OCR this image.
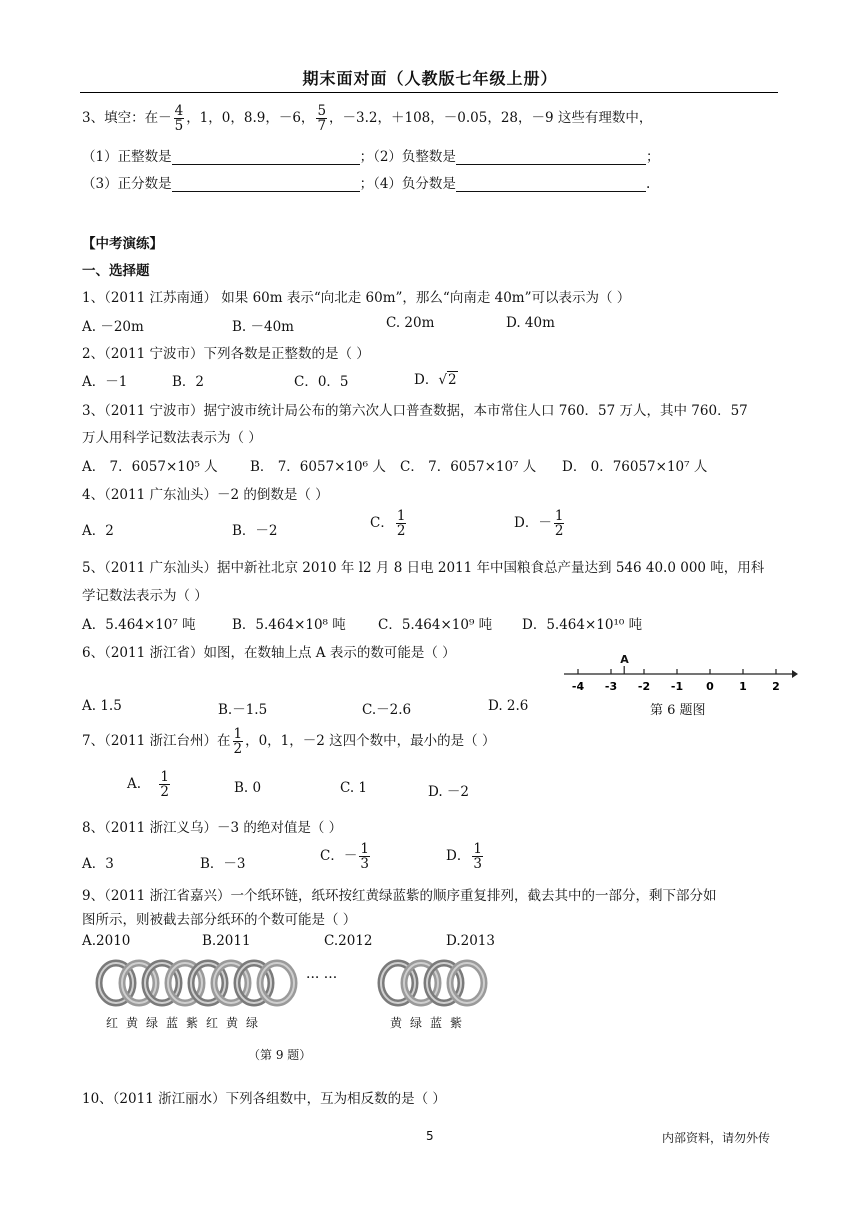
期末面对面（人教版七年级上册）
3、填空：在－ $\frac{4}{5}$ ，1，0，8.9，－6， $\frac{5}{7}$ ，－3.2，＋108，－0.05，28，－9 这些有理数中，
（1）正整数是	；（2）负整数是	；
（3）正分数是	；（4）负分数是	.
【中考演练】
一、选择题
1、（2011 江苏南通） 如果 60m 表示“向北走 60m”，那么“向南走 40m”可以表示为（ ）
A. －20m	B. －40m	C. 20m	D. 40m
2、（2011 宁波市）下列各数是正整数的是（ ）
A．－1	B．2	C．0．5	D．√2
3、（2011 宁波市）据宁波市统计局公布的第六次人口普查数据，本市常住人口 760．57 万人，其中 760．57
万人用科学记数法表示为（ ）
A． 7．6057×10⁵ 人 B． 7．6057×10⁶ 人 C． 7．6057×10⁷ 人 D． 0．76057×10⁷ 人
4、（2011 广东汕头）－2 的倒数是（ ）
A．2	B．－2	C． $\frac{1}{2}$	D．－ $\frac{1}{2}$
5、（2011 广东汕头）据中新社北京 2010 年 l2 月 8 日电 2011 年中国粮食总产量达到 546 40.0 000 吨，用科
学记数法表示为（ ）
A．5.464×10⁷ 吨	B．5.464×10⁸ 吨 C．5.464×10⁹ 吨 D．5.464×10¹⁰ 吨
6、（2011 浙江省）如图，在数轴上点 A 表示的数可能是（ ）
A. 1.5	B.－1.5	C.－2.6	D. 2.6
-4 -3 -2 -1 0 1 2
A
第 6 题图
7、（2011 浙江台州）在 $\frac{1}{2}$ ，0，1，－2 这四个数中，最小的是（ ）
A. $\frac{1}{2}$	B. 0	C. 1	D. －2
8、（2011 浙江义乌）－3 的绝对值是（ ）
A．3	B．－3	C．－ $\frac{1}{3}$	D． $\frac{1}{3}$
9、（2011 浙江省嘉兴）一个纸环链，纸环按红黄绿蓝紫的顺序重复排列，截去其中的一部分，剩下部分如
图所示，则被截去部分纸环的个数可能是（ ）
A.2010	B.2011	C.2012	D.2013
··· ···
红黄绿蓝紫红黄绿	黄绿蓝紫
（第 9 题）
10、（2011 浙江丽水）下列各组数中，互为相反数的是（ ）
5	内部资料，请勿外传
